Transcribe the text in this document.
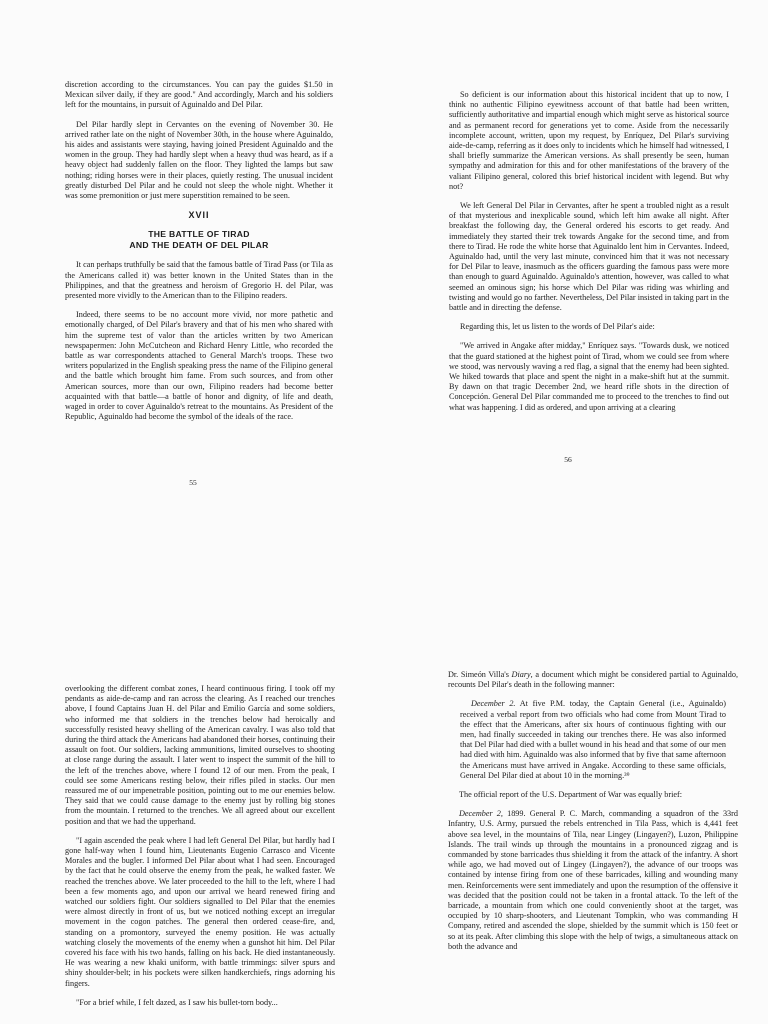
discretion according to the circumstances. You can pay the guides $1.50 in Mexican silver daily, if they are good." And accordingly, March and his soldiers left for the mountains, in pursuit of Aguinaldo and Del Pilar.

Del Pilar hardly slept in Cervantes on the evening of November 30. He arrived rather late on the night of November 30th, in the house where Aguinaldo, his aides and assistants were staying, having joined President Aguinaldo and the women in the group. They had hardly slept when a heavy thud was heard, as if a heavy object had suddenly fallen on the floor. They lighted the lamps but saw nothing; riding horses were in their places, quietly resting. The unusual incident greatly disturbed Del Pilar and he could not sleep the whole night. Whether it was some premonition or just mere superstition remained to be seen.

XVII
THE BATTLE OF TIRAD
AND THE DEATH OF DEL PILAR

It can perhaps truthfully be said that the famous battle of Tirad Pass (or Tila as the Americans called it) was better known in the United States than in the Philippines, and that the greatness and heroism of Gregorio H. del Pilar, was presented more vividly to the American than to the Filipino readers.

Indeed, there seems to be no account more vivid, nor more pathetic and emotionally charged, of Del Pilar's bravery and that of his men who shared with him the supreme test of valor than the articles written by two American newspapermen: John McCutcheon and Richard Henry Little, who recorded the battle as war correspondents attached to General March's troops. These two writers popularized in the English speaking press the name of the Filipino general and the battle which brought him fame. From such sources, and from other American sources, more than our own, Filipino readers had become better acquainted with that battle—a battle of honor and dignity, of life and death, waged in order to cover Aguinaldo's retreat to the mountains. As President of the Republic, Aguinaldo had become the symbol of the ideals of the race.

55

So deficient is our information about this historical incident that up to now, I think no authentic Filipino eyewitness account of that battle had been written, sufficiently authoritative and impartial enough which might serve as historical source and as permanent record for generations yet to come. Aside from the necessarily incomplete account, written, upon my request, by Enríquez, Del Pilar's surviving aide-de-camp, referring as it does only to incidents which he himself had witnessed, I shall briefly summarize the American versions. As shall presently be seen, human sympathy and admiration for this and for other manifestations of the bravery of the valiant Filipino general, colored this brief historical incident with legend. But why not?

We left General Del Pilar in Cervantes, after he spent a troubled night as a result of that mysterious and inexplicable sound, which left him awake all night. After breakfast the following day, the General ordered his escorts to get ready. And immediately they started their trek towards Angake for the second time, and from there to Tirad. He rode the white horse that Aguinaldo lent him in Cervantes. Indeed, Aguinaldo had, until the very last minute, convinced him that it was not necessary for Del Pilar to leave, inasmuch as the officers guarding the famous pass were more than enough to guard Aguinaldo. Aguinaldo's attention, however, was called to what seemed an ominous sign; his horse which Del Pilar was riding was whirling and twisting and would go no farther. Nevertheless, Del Pilar insisted in taking part in the battle and in directing the defense.

Regarding this, let us listen to the words of Del Pilar's aide:

"We arrived in Angake after midday," Enríquez says. "Towards dusk, we noticed that the guard stationed at the highest point of Tirad, whom we could see from where we stood, was nervously waving a red flag, a signal that the enemy had been sighted. We hiked towards that place and spent the night in a make-shift hut at the summit. By dawn on that tragic December 2nd, we heard rifle shots in the direction of Concepción. General Del Pilar commanded me to proceed to the trenches to find out what was happening. I did as ordered, and upon arriving at a clearing

56

overlooking the different combat zones, I heard continuous firing. I took off my pendants as aide-de-camp and ran across the clearing. As I reached our trenches above, I found Captains Juan H. del Pilar and Emilio García and some soldiers, who informed me that soldiers in the trenches below had heroically and successfully resisted heavy shelling of the American cavalry. I was also told that during the third attack the Americans had abandoned their horses, continuing their assault on foot. Our soldiers, lacking ammunitions, limited ourselves to shooting at close range during the assault. I later went to inspect the summit of the hill to the left of the trenches above, where I found 12 of our men. From the peak, I could see some Americans resting below, their rifles piled in stacks. Our men reassured me of our impenetrable position, pointing out to me our enemies below. They said that we could cause damage to the enemy just by rolling big stones from the mountain. I returned to the trenches. We all agreed about our excellent position and that we had the upperhand.

"I again ascended the peak where I had left General Del Pilar, but hardly had I gone half-way when I found him, Lieutenants Eugenio Carrasco and Vicente Morales and the bugler. I informed Del Pilar about what I had seen. Encouraged by the fact that he could observe the enemy from the peak, he walked faster. We reached the trenches above. We later proceeded to the hill to the left, where I had been a few moments ago, and upon our arrival we heard renewed firing and watched our soldiers fight. Our soldiers signalled to Del Pilar that the enemies were almost directly in front of us, but we noticed nothing except an irregular movement in the cogon patches. The general then ordered cease-fire, and, standing on a promontory, surveyed the enemy position. He was actually watching closely the movements of the enemy when a gunshot hit him. Del Pilar covered his face with his two hands, falling on his back. He died instantaneously. He was wearing a new khaki uniform, with battle trimmings: silver spurs and shiny shoulder-belt; in his pockets were silken handkerchiefs, rings adorning his fingers.

"For a brief while, I felt dazed, as I saw his bullet-torn body...

Dr. Simeón Villa's Diary, a document which might be considered partial to Aguinaldo, recounts Del Pilar's death in the following manner:

December 2. At five P.M. today, the Captain General (i.e., Aguinaldo) received a verbal report from two officials who had come from Mount Tirad to the effect that the Americans, after six hours of continuous fighting with our men, had finally succeeded in taking our trenches there. He was also informed that Del Pilar had died with a bullet wound in his head and that some of our men had died with him. Aguinaldo was also informed that by five that same afternoon the Americans must have arrived in Angake. According to these same officials, General Del Pilar died at about 10 in the morning.³⁹

The official report of the U.S. Department of War was equally brief:

December 2, 1899. General P. C. March, commanding a squadron of the 33rd Infantry, U.S. Army, pursued the rebels entrenched in Tila Pass, which is 4,441 feet above sea level, in the mountains of Tila, near Lingey (Lingayen?), Luzon, Philippine Islands. The trail winds up through the mountains in a pronounced zigzag and is commanded by stone barricades thus shielding it from the attack of the infantry. A short while ago, we had moved out of Lingey (Lingayen?), the advance of our troops was contained by intense firing from one of these barricades, killing and wounding many men. Reinforcements were sent immediately and upon the resumption of the offensive it was decided that the position could not be taken in a frontal attack. To the left of the barricade, a mountain from which one could conveniently shoot at the target, was occupied by 10 sharp-shooters, and Lieutenant Tompkin, who was commanding H Company, retired and ascended the slope, shielded by the summit which is 150 feet or so at its peak. After climbing this slope with the help of twigs, a simultaneous attack on both the advance and
